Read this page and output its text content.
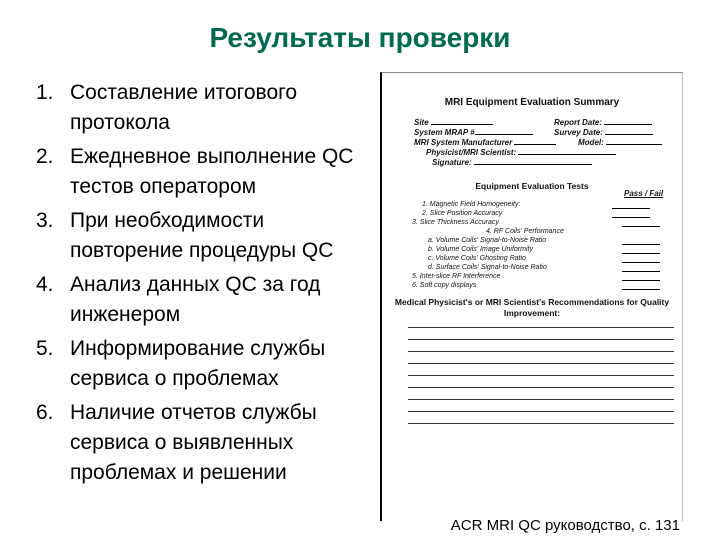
Результаты проверки
1. Составление итогового протокола
2. Ежедневное выполнение QC тестов оператором
3. При необходимости повторение процедуры QC
4. Анализ данных QC за год инженером
5. Информирование службы сервиса о проблемах
6. Наличие отчетов службы сервиса о выявленных проблемах и решении
MRI Equipment Evaluation Summary
Site	Report Date:
System MRAP #	Survey Date:
MRI System Manufacturer	Model:
Physicist/MRI Scientist:
Signature:
Equipment Evaluation Tests
Pass / Fail
1. Magnetic Field Homogeneity:
2. Slice Position Accuracy
3. Slice Thickness Accuracy
4. RF Coils' Performance
a. Volume Coils' Signal-to-Noise Ratio
b. Volume Coils' Image Uniformity
c. Volume Coils' Ghosting Ratio
d. Surface Coils' Signal-to-Noise Ratio
5. Inter-slice RF Interference
6. Soft copy displays
Medical Physicist's or MRI Scientist's Recommendations for Quality Improvement:
ACR MRI QC руководство, с. 131
